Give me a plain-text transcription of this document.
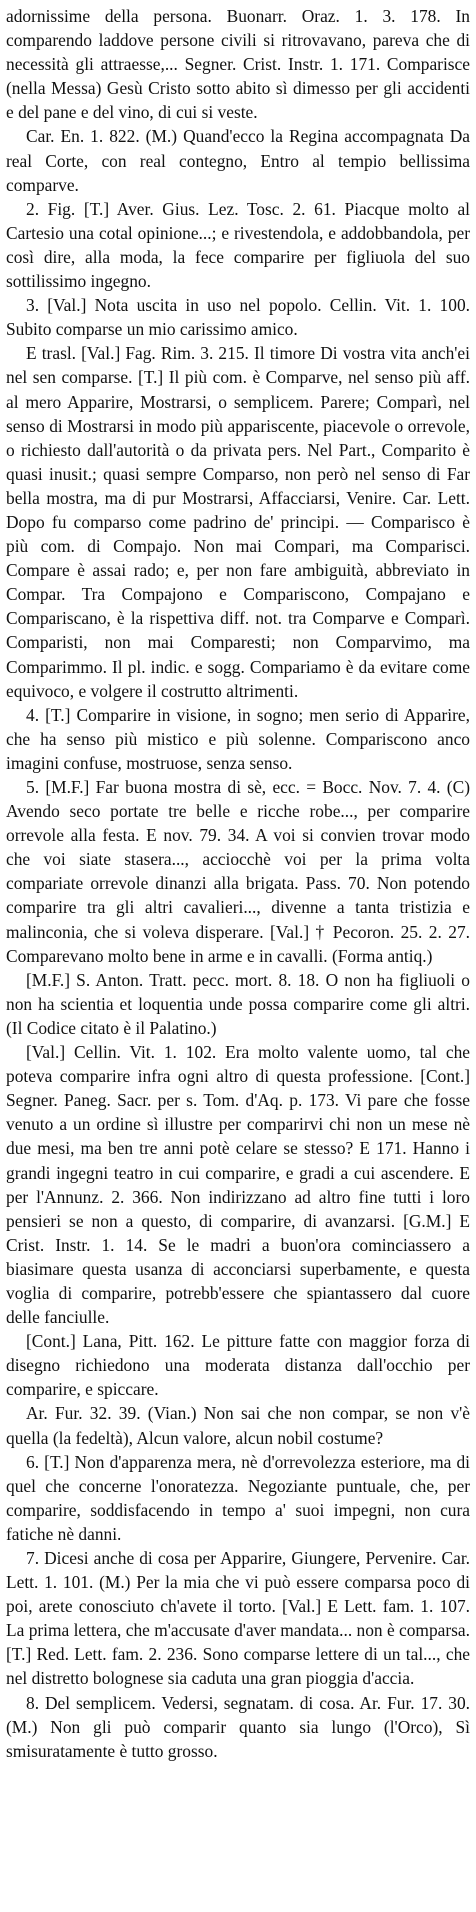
adornissime della persona. Buonarr. Oraz. 1. 3. 178. In comparendo laddove persone civili si ritrovavano, pareva che di necessità gli attraesse,... Segner. Crist. Instr. 1. 171. Comparisce (nella Messa) Gesù Cristo sotto abito sì dimesso per gli accidenti e del pane e del vino, di cui si veste.

Car. En. 1. 822. (M.) Quand'ecco la Regina accompagnata Da real Corte, con real contegno, Entro al tempio bellissima comparve.

2. Fig. [T.] Aver. Gius. Lez. Tosc. 2. 61. Piacque molto al Cartesio una cotal opinione...; e rivestendola, e addobbandola, per così dire, alla moda, la fece comparire per figliuola del suo sottilissimo ingegno.

3. [Val.] Nota uscita in uso nel popolo. Cellin. Vit. 1. 100. Subito comparse un mio carissimo amico.

E trasl. [Val.] Fag. Rim. 3. 215. Il timore Di vostra vita anch'ei nel sen comparse. [T.] Il più com. è Comparve, nel senso più aff. al mero Apparire, Mostrarsi, o semplicem. Parere; Comparì, nel senso di Mostrarsi in modo più appariscente, piacevole o orrevole, o richiesto dall'autorità o da privata pers. Nel Part., Comparito è quasi inusit.; quasi sempre Comparso, non però nel senso di Far bella mostra, ma di pur Mostrarsi, Affacciarsi, Venire. Car. Lett. Dopo fu comparso come padrino de' principi. — Comparisco è più com. di Compajo. Non mai Compari, ma Comparisci. Compare è assai rado; e, per non fare ambiguità, abbreviato in Compar. Tra Compajono e Compariscono, Compajano e Compariscano, è la rispettiva diff. not. tra Comparve e Comparì. Comparisti, non mai Comparesti; non Comparvimo, ma Comparimmo. Il pl. indic. e sogg. Compariamo è da evitare come equivoco, e volgere il costrutto altrimenti.

4. [T.] Comparire in visione, in sogno; men serio di Apparire, che ha senso più mistico e più solenne. Compariscono anco imagini confuse, mostruose, senza senso.

5. [M.F.] Far buona mostra di sè, ecc. = Bocc. Nov. 7. 4. (C) Avendo seco portate tre belle e ricche robe..., per comparire orrevole alla festa. E nov. 79. 34. A voi si convien trovar modo che voi siate stasera..., acciocchè voi per la prima volta compariate orrevole dinanzi alla brigata. Pass. 70. Non potendo comparire tra gli altri cavalieri..., divenne a tanta tristizia e malinconia, che si voleva disperare. [Val.] † Pecoron. 25. 2. 27. Comparevano molto bene in arme e in cavalli. (Forma antiq.)

[M.F.] S. Anton. Tratt. pecc. mort. 8. 18. O non ha figliuoli o non ha scientia et loquentia unde possa comparire come gli altri. (Il Codice citato è il Palatino.)

[Val.] Cellin. Vit. 1. 102. Era molto valente uomo, tal che poteva comparire infra ogni altro di questa professione. [Cont.] Segner. Paneg. Sacr. per s. Tom. d'Aq. p. 173. Vi pare che fosse venuto a un ordine sì illustre per comparirvi chi non un mese nè due mesi, ma ben tre anni potè celare se stesso? E 171. Hanno i grandi ingegni teatro in cui comparire, e gradi a cui ascendere. E per l'Annunz. 2. 366. Non indirizzano ad altro fine tutti i loro pensieri se non a questo, di comparire, di avanzarsi. [G.M.] E Crist. Instr. 1. 14. Se le madri a buon'ora cominciassero a biasimare questa usanza di acconciarsi superbamente, e questa voglia di comparire, potrebb'essere che spiantassero dal cuore delle fanciulle.

[Cont.] Lana, Pitt. 162. Le pitture fatte con maggior forza di disegno richiedono una moderata distanza dall'occhio per comparire, e spiccare.

Ar. Fur. 32. 39. (Vian.) Non sai che non compar, se non v'è quella (la fedeltà), Alcun valore, alcun nobil costume?

6. [T.] Non d'apparenza mera, nè d'orrevolezza esteriore, ma di quel che concerne l'onoratezza. Negoziante puntuale, che, per comparire, soddisfacendo in tempo a' suoi impegni, non cura fatiche nè danni.

7. Dicesi anche di cosa per Apparire, Giungere, Pervenire. Car. Lett. 1. 101. (M.) Per la mia che vi può essere comparsa poco di poi, arete conosciuto ch'avete il torto. [Val.] E Lett. fam. 1. 107. La prima lettera, che m'accusate d'aver mandata... non è comparsa. [T.] Red. Lett. fam. 2. 236. Sono comparse lettere di un tal..., che nel distretto bolognese sia caduta una gran pioggia d'accia.

8. Del semplicem. Vedersi, segnatam. di cosa. Ar. Fur. 17. 30. (M.) Non gli può comparir quanto sia lungo (l'Orco), Sì smisuratamente è tutto grosso.
